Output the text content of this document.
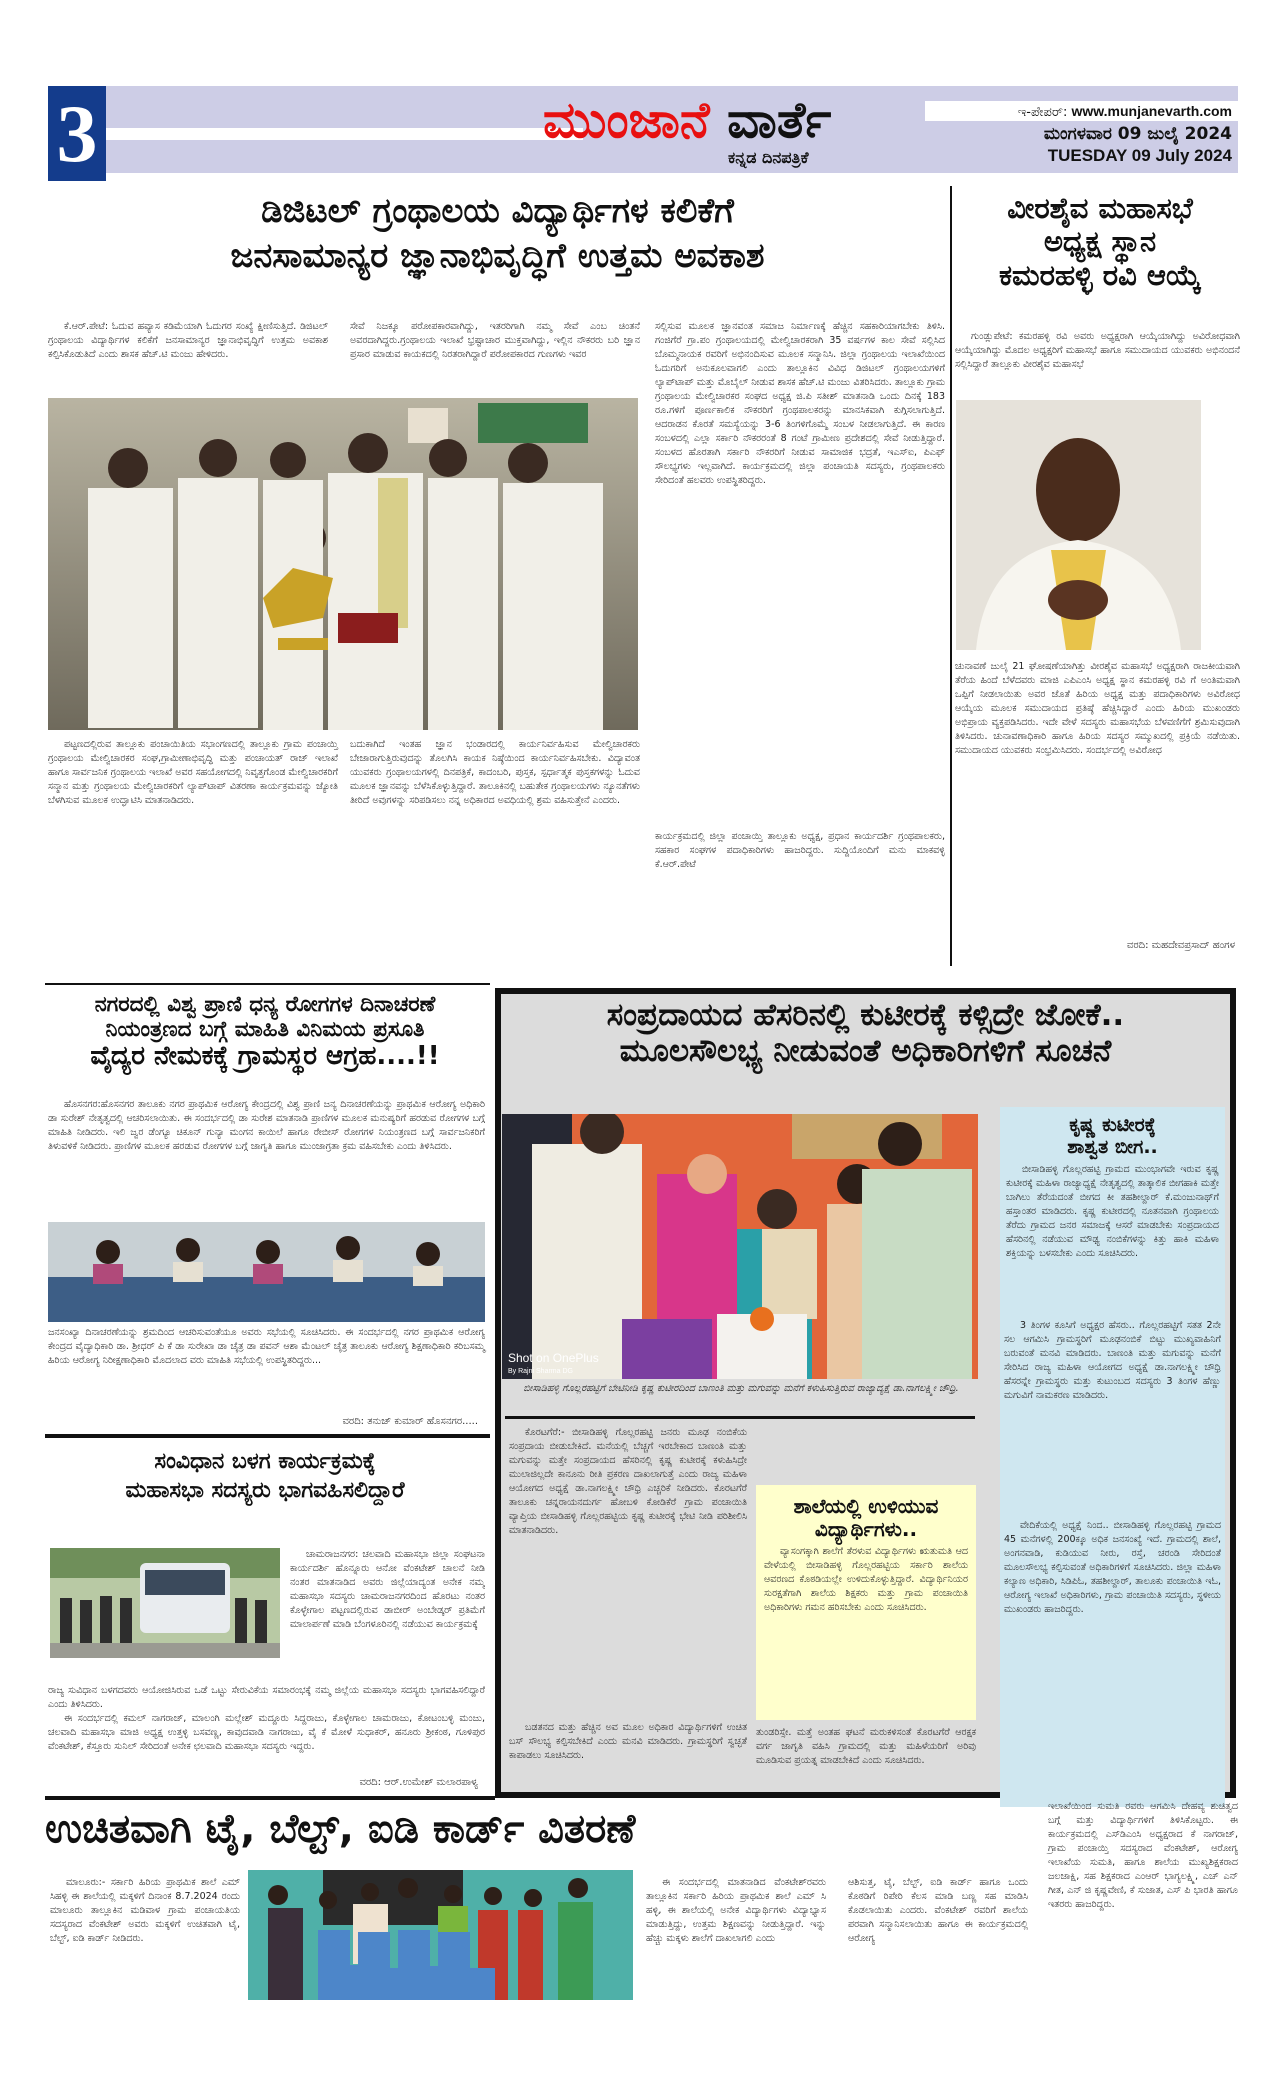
3	ಮುಂಜಾನೆ ವಾರ್ತೆ
ಕನ್ನಡ ದಿನಪತ್ರಿಕೆ
ಇ-ಪೇಪರ್: www.munjanevarth.com
ಮಂಗಳವಾರ 09 ಜುಲೈ 2024
TUESDAY 09 July 2024
ಡಿಜಿಟಲ್ ಗ್ರಂಥಾಲಯ ವಿದ್ಯಾರ್ಥಿಗಳ ಕಲಿಕೆಗೆ
ಜನಸಾಮಾನ್ಯರ ಜ್ಞಾನಾಭಿವೃದ್ಧಿಗೆ ಉತ್ತಮ ಅವಕಾಶ
ಕೆ.ಆರ್.ಪೇಟೆ: ಓದುವ ಹವ್ಯಾಸ ಕಡಿಮೆಯಾಗಿ ಓದುಗರ ಸಂಖ್ಯೆ ಕ್ಷೀಣಿಸುತ್ತಿದೆ. ಡಿಜಿಟಲ್ ಗ್ರಂಥಾಲಯ ವಿದ್ಯಾರ್ಥಿಗಳ ಕಲಿಕೆಗೆ ಜನಸಾಮಾನ್ಯರ ಜ್ಞಾನಾಭಿವೃದ್ಧಿಗೆ ಉತ್ತಮ ಅವಕಾಶ ಕಲ್ಪಿಸಿಕೊಡುತಿದೆ ಎಂದು ಶಾಸಕ ಹೆಚ್.ಟಿ ಮಂಜು ಹೇಳಿದರು.
ಸೇವೆ ನಿಜಕ್ಕೂ ಪರೋಪಕಾರವಾಗಿದ್ದು, ಇತರರಿಗಾಗಿ ನಮ್ಮ ಸೇವೆ ಎಂಬ ಚಿಂತನೆ ಅವರದಾಗಿದ್ದರು.ಗ್ರಂಥಾಲಯ ಇಲಾಖೆ ಭ್ರಷ್ಟಾಚಾರ ಮುಕ್ತವಾಗಿದ್ದು, ಇಲ್ಲಿನ ನೌಕರರು ಬರಿ ಜ್ಞಾನ ಪ್ರಸಾರ ಮಾಡುವ ಕಾಯಕದಲ್ಲಿ ನಿರತರಾಗಿದ್ದಾರೆ ಪರೋಪಕಾರದ ಗುಣಗಳು ಇವರ
ಸಲ್ಲಿಸುವ ಮೂಲಕ ಜ್ಞಾನವಂತ ಸಮಾಜ ನಿರ್ಮಾಣಕ್ಕೆ ಹೆಚ್ಚಿನ ಸಹಕಾರಿಯಾಗಬೇಕು ತಿಳಿಸಿ. ಗಂಜಿಗೆರೆ ಗ್ರಾ.ಪಂ ಗ್ರಂಥಾಲಯದಲ್ಲಿ ಮೇಲ್ವಿಚಾರಕರಾಗಿ 35 ವರ್ಷಗಳ ಕಾಲ ಸೇವೆ ಸಲ್ಲಿಸಿದ ಬೊಮ್ಮನಾಯಕ ರವರಿಗೆ ಅಭಿನಂದಿಸುವ ಮೂಲಕ ಸನ್ಮಾನಿಸಿ. ಜಿಲ್ಲಾ ಗ್ರಂಥಾಲಯ ಇಲಾಖೆಯಿಂದ ಓದುಗರಿಗೆ ಅನುಕೂಲವಾಗಲಿ ಎಂದು ತಾಲ್ಲೂಕಿನ ವಿವಿಧ ಡಿಜಿಟಲ್ ಗ್ರಂಥಾಲಯಗಳಿಗೆ ಲ್ಯಾಪ್‌ಟಾಪ್ ಮತ್ತು ಮೊಬೈಲ್ ನೀಡುವ ಶಾಸಕ ಹೆಚ್.ಟಿ ಮಂಜು ವಿತರಿಸಿದರು. ತಾಲ್ಲೂಕು ಗ್ರಾಮ ಗ್ರಂಥಾಲಯ ಮೇಲ್ವಿಚಾರಕರ ಸಂಘದ ಅಧ್ಯಕ್ಷ ಜಿ.ಪಿ ಸತೀಶ್ ಮಾತನಾಡಿ ಒಂದು ದಿನಕ್ಕೆ 183 ರೂ.ಗಳಿಗೆ ಪೂರ್ಣಕಾಲಿಕ ನೌಕರರಿಗೆ ಗ್ರಂಥಪಾಲಕರನ್ನು ಮಾನಸಿಕವಾಗಿ ಕುಗ್ಗಿಸಲಾಗುತ್ತಿದೆ. ಆದರಾಡನ ಕೊರತೆ ಸಮಸ್ಯೆಯನ್ನು 3-6 ತಿಂಗಳಿಗೊಮ್ಮೆ ಸಂಬಳ ನೀಡಲಾಗುತ್ತಿದೆ. ಈ ಕಾರಣ ಸಂಬಳದಲ್ಲಿ ಎಲ್ಲಾ ಸರ್ಕಾರಿ ನೌಕರರಂತೆ 8 ಗಂಟೆ ಗ್ರಾಮೀಣ ಪ್ರದೇಶದಲ್ಲಿ ಸೇವೆ ನೀಡುತ್ತಿದ್ದಾರೆ. ಸಂಬಳದ ಹೊರತಾಗಿ ಸರ್ಕಾರಿ ನೌಕರರಿಗೆ ನೀಡುವ ಸಾಮಾಜಿಕ ಭದ್ರತೆ, ಇಎಸ್‌ಐ, ಪಿಎಫ್ ಸೌಲಭ್ಯಗಳು ಇಲ್ಲವಾಗಿದೆ. ಕಾರ್ಯಕ್ರಮದಲ್ಲಿ ಜಿಲ್ಲಾ ಪಂಚಾಯತಿ ಸದಸ್ಯರು, ಗ್ರಂಥಪಾಲಕರು ಸೇರಿದಂತೆ ಹಲವರು ಉಪಸ್ಥಿತರಿದ್ದರು.
ಪಟ್ಟಣದಲ್ಲಿರುವ ತಾಲ್ಲೂಕು ಪಂಚಾಯಿತಿಯ ಸಭಾಂಗಣದಲ್ಲಿ ತಾಲ್ಲೂಕು ಗ್ರಾಮ ಪಂಚಾಯ್ತಿ ಗ್ರಂಥಾಲಯ ಮೇಲ್ವಿಚಾರಕರ ಸಂಘ,ಗ್ರಾಮೀಣಾಭಿವೃದ್ಧಿ ಮತ್ತು ಪಂಚಾಯತ್ ರಾಜ್ ಇಲಾಖೆ ಹಾಗೂ ಸಾರ್ವಜನಿಕ ಗ್ರಂಥಾಲಯ ಇಲಾಖೆ ಅವರ ಸಹಯೋಗದಲ್ಲಿ ನಿವೃತ್ತಗೊಂಡ ಮೇಲ್ವಿಚಾರಕರಿಗೆ ಸನ್ಮಾನ ಮತ್ತು ಗ್ರಂಥಾಲಯ ಮೇಲ್ವಿಚಾರಕರಿಗೆ ಲ್ಯಾಪ್‌ಟಾಪ್ ವಿತರಣಾ ಕಾರ್ಯಕ್ರಮವನ್ನು ಜ್ಯೋತಿ ಬೆಳಗಿಸುವ ಮೂಲಕ ಉದ್ಘಾಟಿಸಿ ಮಾತನಾಡಿದರು.
ಬದುಕಾಗಿದೆ ಇಂತಹ ಜ್ಞಾನ ಭಂಡಾರದಲ್ಲಿ ಕಾರ್ಯನಿರ್ವಹಿಸುವ ಮೇಲ್ವಿಚಾರಕರು ಬೇಜಾರಾಗುತ್ತಿರುವುದನ್ನು ತೊಲಗಿಸಿ ಕಾಯಕ ನಿಷ್ಠೆಯಿಂದ ಕಾರ್ಯನಿರ್ವಹಿಸಬೇಕು. ವಿದ್ಯಾವಂತ ಯುವಕರು ಗ್ರಂಥಾಲಯಗಳಲ್ಲಿ ದಿನಪತ್ರಿಕೆ, ಕಾದಂಬರಿ, ಪುಸ್ತಕ, ಸ್ಪರ್ಧಾತ್ಮಕ ಪುಸ್ತಕಗಳನ್ನು ಓದುವ ಮೂಲಕ ಜ್ಞಾನವನ್ನು ಬೆಳೆಸಿಕೊಳ್ಳುತ್ತಿದ್ದಾರೆ. ತಾಲೂಕಿನಲ್ಲಿ ಬಹುತೇಕ ಗ್ರಂಥಾಲಯಗಳು ನ್ಯೂನತೆಗಳು ತೀರಿದೆ ಅವುಗಳನ್ನು ಸರಿಪಡಿಸಲು ನನ್ನ ಅಧಿಕಾರದ ಅವಧಿಯಲ್ಲಿ ಶ್ರಮ ವಹಿಸುತ್ತೇನೆ ಎಂದರು.
ಕಾರ್ಯಕ್ರಮದಲ್ಲಿ ಜಿಲ್ಲಾ ಪಂಚಾಯ್ತಿ ತಾಲ್ಲೂಕು ಅಧ್ಯಕ್ಷ, ಪ್ರಧಾನ ಕಾರ್ಯದರ್ಶಿ ಗ್ರಂಥಪಾಲಕರು, ಸಹಕಾರ ಸಂಘಗಳ ಪದಾಧಿಕಾರಿಗಳು ಹಾಜರಿದ್ದರು. ಸುದ್ದಿಯೊಂದಿಗೆ ಮನು ಮಾಕವಳ್ಳಿ ಕೆ.ಆರ್.ಪೇಟೆ
ವೀರಶೈವ ಮಹಾಸಭೆ
ಅಧ್ಯಕ್ಷ ಸ್ಥಾನ
ಕಮರಹಳ್ಳಿ ರವಿ ಆಯ್ಕೆ
ಗುಂಡ್ಲುಪೇಟೆ: ಕಮರಹಳ್ಳಿ ರವಿ ಅವರು ಅಧ್ಯಕ್ಷರಾಗಿ ಆಯ್ಕೆಯಾಗಿದ್ದು ಅವಿರೋಧವಾಗಿ ಆಯ್ಕೆಯಾಗಿದ್ದು ಮೊದಲ ಅಧ್ಯಕ್ಷರಿಗೆ ಮಹಾಸಭೆ ಹಾಗೂ ಸಮುದಾಯದ ಯುವಕರು ಅಭಿನಂದನೆ ಸಲ್ಲಿಸಿದ್ದಾರೆ ತಾಲ್ಲೂಕು ವೀರಶೈವ ಮಹಾಸಭೆ
ಚುನಾವಣೆ ಜುಲೈ 21 ಘೋಷಣೆಯಾಗಿತ್ತು ವೀರಶೈವ ಮಹಾಸಭೆ ಅಧ್ಯಕ್ಷರಾಗಿ ರಾಜಕೀಯವಾಗಿ ತೆರೆಯ ಹಿಂದೆ ಬೆಳೆದವರು ಮಾಜಿ ಎಪಿಎಂಸಿ ಅಧ್ಯಕ್ಷ ಸ್ಥಾನ ಕಮರಹಳ್ಳಿ ರವಿ ಗೆ ಅಂತಿಮವಾಗಿ ಒಪ್ಪಿಗೆ ನೀಡಲಾಯಿತು ಅವರ ಜೊತೆ ಹಿರಿಯ ಅಧ್ಯಕ್ಷ ಮತ್ತು ಪದಾಧಿಕಾರಿಗಳು ಅವಿರೋಧ ಆಯ್ಕೆಯ ಮೂಲಕ ಸಮುದಾಯದ ಪ್ರತಿಷ್ಠೆ ಹೆಚ್ಚಿಸಿದ್ದಾರೆ ಎಂದು ಹಿರಿಯ ಮುಖಂಡರು ಅಭಿಪ್ರಾಯ ವ್ಯಕ್ತಪಡಿಸಿದರು. ಇದೇ ವೇಳೆ ಸದಸ್ಯರು ಮಹಾಸಭೆಯ ಬೆಳವಣಿಗೆಗೆ ಶ್ರಮಿಸುವುದಾಗಿ ತಿಳಿಸಿದರು. ಚುನಾವಣಾಧಿಕಾರಿ ಹಾಗೂ ಹಿರಿಯ ಸದಸ್ಯರ ಸಮ್ಮುಖದಲ್ಲಿ ಪ್ರಕ್ರಿಯೆ ನಡೆಯಿತು. ಸಮುದಾಯದ ಯುವಕರು ಸಂಭ್ರಮಿಸಿದರು. ಸಂದರ್ಭದಲ್ಲಿ ಅವಿರೋಧ
ವರದಿ: ಮಹದೇವಪ್ರಸಾದ್ ಹಂಗಳ
ನಗರದಲ್ಲಿ ವಿಶ್ವ ಪ್ರಾಣಿ ಧನ್ಯ ರೋಗಗಳ ದಿನಾಚರಣೆ
ನಿಯಂತ್ರಣದ ಬಗ್ಗೆ ಮಾಹಿತಿ ವಿನಿಮಯ ಪ್ರಸೂತಿ
ವೈದ್ಯರ ನೇಮಕಕ್ಕೆ ಗ್ರಾಮಸ್ಥರ ಆಗ್ರಹ....!!
ಹೊಸನಗರ:ಹೊಸನಗರ ತಾಲೂಕು ನಗರ ಪ್ರಾಥಮಿಕ ಆರೋಗ್ಯ ಕೇಂದ್ರದಲ್ಲಿ ವಿಶ್ವ ಪ್ರಾಣಿ ಜನ್ಯ ದಿನಾಚರಣೆಯನ್ನು ಪ್ರಾಥಮಿಕ ಆರೋಗ್ಯ ಅಧಿಕಾರಿ ಡಾ ಸುರೇಶ್ ನೇತೃತ್ವದಲ್ಲಿ ಆಚರಿಸಲಾಯಿತು. ಈ ಸಂದರ್ಭದಲ್ಲಿ ಡಾ ಸುರೇಶ ಮಾತನಾಡಿ ಪ್ರಾಣಿಗಳ ಮೂಲಕ ಮನುಷ್ಯರಿಗೆ ಹರಡುವ ರೋಗಗಳ ಬಗ್ಗೆ ಮಾಹಿತಿ ನೀಡಿದರು. ಇಲಿ ಜ್ವರ ಡೆಂಗ್ಯೂ ಚಿಕೂನ್ ಗುನ್ಯಾ ಮಂಗನ ಕಾಯಿಲೆ ಹಾಗೂ ರೇಬೀಸ್ ರೋಗಗಳ ನಿಯಂತ್ರಣದ ಬಗ್ಗೆ ಸಾರ್ವಜನಿಕರಿಗೆ ತಿಳುವಳಿಕೆ ನೀಡಿದರು. ಪ್ರಾಣಿಗಳ ಮೂಲಕ ಹರಡುವ ರೋಗಗಳ ಬಗ್ಗೆ ಜಾಗೃತಿ ಹಾಗೂ ಮುಂಜಾಗ್ರತಾ ಕ್ರಮ ವಹಿಸಬೇಕು ಎಂದು ತಿಳಿಸಿದರು.
ಜನಸಂಖ್ಯಾ ದಿನಾಚರಣೆಯನ್ನು ಶ್ರಮದಿಂದ ಆಚರಿಸುವಂತೆಯೂ ಅವರು ಸಭೆಯಲ್ಲಿ ಸೂಚಿಸಿದರು. ಈ ಸಂದರ್ಭದಲ್ಲಿ ನಗರ ಪ್ರಾಥಮಿಕ ಆರೋಗ್ಯ ಕೇಂದ್ರದ ವೈದ್ಯಾಧಿಕಾರಿ ಡಾ. ಶ್ರೀಧರ್ ಪಿ ಕೆ ಡಾ ಸುರೇಖಾ ಡಾ ಚೈತ್ರ ಡಾ ಪವನ್ ಆಶಾ ಮೆಂಟಲ್ ಚೈತ್ರ ತಾಲೂಕು ಆರೋಗ್ಯ ಶಿಕ್ಷಣಾಧಿಕಾರಿ ಕರಿಬಸಮ್ಮ ಹಿರಿಯ ಆರೋಗ್ಯ ನಿರೀಕ್ಷಣಾಧಿಕಾರಿ ಮೊದಲಾದ ವರು ಮಾಹಿತಿ ಸಭೆಯಲ್ಲಿ ಉಪಸ್ಥಿತರಿದ್ದರು...
ವರದಿ: ತನುಜ್ ಕುಮಾರ್ ಹೊಸನಗರ.....
ಸಂವಿಧಾನ ಬಳಗ ಕಾರ್ಯಕ್ರಮಕ್ಕೆ
ಮಹಾಸಭಾ ಸದಸ್ಯರು ಭಾಗವಹಿಸಲಿದ್ದಾರೆ
ಚಾಮರಾಜನಗರ: ಚಲವಾದಿ ಮಹಾಸಭಾ ಜಿಲ್ಲಾ ಸಂಘಟನಾ ಕಾರ್ಯದರ್ಶಿ ಹೊನ್ನೂರು ಆನೋ ವೆಂಕಟೇಶ್ ಚಾಲನೆ ನೀಡಿ ನಂತರ ಮಾತನಾಡಿದ ಅವರು ಜಿಲ್ಲೆಯಾದ್ಯಂತ ಅನೇಕ ನಮ್ಮ ಮಹಾಸಭಾ ಸದಸ್ಯರು ಚಾಮರಾಜನಗರದಿಂದ ಹೊರಟು ನಂತರ ಕೊಳ್ಳೇಗಾಲ ಪಟ್ಟಣದಲ್ಲಿರುವ ಡಾಬೀರ್ ಅಂಬೇಡ್ಕರ್ ಪ್ರತಿಮೆಗೆ ಮಾಲಾರ್ಪಣೆ ಮಾಡಿ ಬೆಂಗಳೂರಿನಲ್ಲಿ ನಡೆಯುವ ಕಾರ್ಯಕ್ರಮಕ್ಕೆ
ರಾಜ್ಯ ಸುವಿಧಾನ ಬಳಗದವರು ಆಯೋಜಿಸಿರುವ ಒಡೆ ಒಟ್ಟು ಸೇರುವಿಕೆಯ ಸಮಾರಂಭಕ್ಕೆ ನಮ್ಮ ಜಿಲ್ಲೆಯ ಮಹಾಸಭಾ ಸದಸ್ಯರು ಭಾಗವಹಿಸಲಿದ್ದಾರೆ ಎಂದು ತಿಳಿಸಿದರು.
ಈ ಸಂದರ್ಭದಲ್ಲಿ ಕಮಲ್ ನಾಗರಾಜ್, ಮಾಲಂಗಿ ಮಲ್ಲೇಶ್ ಮದ್ದೂರು ಸಿದ್ದರಾಜು, ಕೊಳ್ಳೇಗಾಲ ಚಾಮರಾಜು, ಕೋಟಂಬಳ್ಳಿ ಮಂಜು, ಚಲವಾದಿ ಮಹಾಸಭಾ ಮಾಜಿ ಅಧ್ಯಕ್ಷ ಉತ್ತಳ್ಳಿ ಬಸವಣ್ಣ, ಕಾವುದವಾಡಿ ನಾಗರಾಜು, ವೈ ಕೆ ಮೋಳೆ ಸುಧಾಕರ್, ಹನೂರು ಶ್ರೀಕಂಠ, ಗೂಳಿಪುರ ವೆಂಕಟೇಶ್, ಕೆಸ್ತೂರು ಸುನಿಲ್ ಸೇರಿದಂತೆ ಅನೇಕ ಛಲವಾದಿ ಮಹಾಸಭಾ ಸದಸ್ಯರು ಇದ್ದರು.
ವರದಿ: ಆರ್.ಉಮೇಶ್ ಮಲಾರಪಾಳ್ಯ
ಸಂಪ್ರದಾಯದ ಹೆಸರಿನಲ್ಲಿ ಕುಟೀರಕ್ಕೆ ಕಳ್ಸಿದ್ರೇ ಜೋಕೆ..
ಮೂಲಸೌಲಭ್ಯ ನೀಡುವಂತೆ ಅಧಿಕಾರಿಗಳಿಗೆ ಸೂಚನೆ
Shot on OnePlus
By Rajni Sharma DG
ಬೀಸಾಡಿಹಳ್ಳಿ ಗೊಲ್ಲರಹಟ್ಟಿಗೆ ಬೇಟಿನೀಡಿ ಕೃಷ್ಣ ಕುಟೀರದಿಂದ ಬಾಣಂತಿ ಮತ್ತು ಮಗುವನ್ನು ಮನೆಗೆ ಕಳುಹಿಸುತ್ತಿರುವ ರಾಜ್ಯಾದ್ಯಕ್ಷೆ ಡಾ.ನಾಗಲಕ್ಷ್ಮೀ ಚೌಧ್ರಿ.
ಕೊರಟಗೆರೆ:- ಬೀಸಾಡಿಹಳ್ಳಿ ಗೊಲ್ಲರಹಟ್ಟಿ ಜನರು ಮೂಢ ನಂಬಿಕೆಯ ಸಂಪ್ರದಾಯ ಬೀಡುಬೇಕಿದೆ. ಮನೆಯಲ್ಲಿ ಬೆಚ್ಚಗೆ ಇರಬೇಕಾದ ಬಾಣಂತಿ ಮತ್ತು ಮಗುವನ್ನು ಮತ್ತೇ ಸಂಪ್ರದಾಯದ ಹೆಸರಿನಲ್ಲಿ ಕೃಷ್ಣ ಕುಟೀರಕ್ಕೆ ಕಳುಹಿಸಿದ್ರೇ ಮುಲಾಜಿಲ್ಲದೇ ಕಾನೂನು ರೀತಿ ಪ್ರಕರಣ ದಾಖಲಾಗುತ್ತೆ ಎಂದು ರಾಜ್ಯ ಮಹಿಳಾ ಆಯೋಗದ ಅಧ್ಯಕ್ಷೆ ಡಾ.ನಾಗಲಕ್ಷ್ಮೀ ಚೌಧ್ರಿ ಎಚ್ಚರಿಕೆ ನೀಡಿದರು. ಕೊರಟಗೆರೆ ತಾಲೂಕು ಚನ್ನರಾಯನದುರ್ಗ ಹೋಬಳಿ ಕೋಡಿಕೆರೆ ಗ್ರಾಮ ಪಂಚಾಯಿತಿ ವ್ಯಾಪ್ತಿಯ ಬೀಸಾಡಿಹಳ್ಳಿ ಗೊಲ್ಲರಹಟ್ಟಿಯ ಕೃಷ್ಣ ಕುಟೀರಕ್ಕೆ ಭೇಟಿ ನೀಡಿ ಪರಿಶೀಲಿಸಿ ಮಾತನಾಡಿದರು.
ಬಡತನದ ಮತ್ತು ಹೆಚ್ಚಿನ ಅವ ಮೂಲ ಅಧಿಕಾರ ವಿದ್ಯಾರ್ಥಿಗಳಿಗೆ ಉಚಿತ ಬಸ್ ಸೌಲಭ್ಯ ಕಲ್ಪಿಸಬೇಕಿದೆ ಎಂದು ಮನವಿ ಮಾಡಿದರು. ಗ್ರಾಮಸ್ಥರಿಗೆ ಸ್ವಚ್ಛತೆ ಕಾಪಾಡಲು ಸೂಚಿಸಿದರು.
ಶಾಲೆಯಲ್ಲಿ ಉಳಿಯುವ
ವಿದ್ಯಾರ್ಥಿಗಳು..
ವ್ಯಾಸಂಗಕ್ಕಾಗಿ ಶಾಲೆಗೆ ತೆರಳುವ ವಿದ್ಯಾರ್ಥಿಗಳು ಋತುಮತಿ ಆದ ವೇಳೆಯಲ್ಲಿ ಬೀಸಾಡಿಹಳ್ಳಿ ಗೊಲ್ಲರಹಟ್ಟಿಯ ಸರ್ಕಾರಿ ಶಾಲೆಯ ಆವರಣದ ಕೊಠಡಿಯಲ್ಲೇ ಉಳಿದುಕೊಳ್ಳುತ್ತಿದ್ದಾರೆ. ವಿದ್ಯಾರ್ಥಿನಿಯರ ಸುರಕ್ಷತೆಗಾಗಿ ಶಾಲೆಯ ಶಿಕ್ಷಕರು ಮತ್ತು ಗ್ರಾಮ ಪಂಚಾಯಿತಿ ಅಧಿಕಾರಿಗಳು ಗಮನ ಹರಿಸಬೇಕು ಎಂದು ಸೂಚಿಸಿದರು.
ತುಂಡರಿಸ್ಸೇ. ಮತ್ತೆ ಅಂತಹ ಘಟನೆ ಮರುಕಳಿಸಂತೆ ಕೊರಟಗೆರೆ ಆರಕ್ಷಕ ವರ್ಗ ಜಾಗೃತಿ ವಹಿಸಿ ಗ್ರಾಮದಲ್ಲಿ ಮತ್ತು ಮಹಿಳೆಯರಿಗೆ ಅರಿವು ಮೂಡಿಸುವ ಪ್ರಯತ್ನ ಮಾಡಬೇಕಿದೆ ಎಂದು ಸೂಚಿಸಿದರು.
ಕೃಷ್ಣ ಕುಟೀರಕ್ಕೆ
ಶಾಶ್ವತ ಬೀಗ..
ಬೀಸಾಡಿಹಳ್ಳಿ ಗೊಲ್ಲರಹಟ್ಟಿ ಗ್ರಾಮದ ಮುಂಭಾಗವೇ ಇರುವ ಕೃಷ್ಣ ಕುಟೀರಕ್ಕೆ ಮಹಿಳಾ ರಾಜ್ಯಾಧ್ಯಕ್ಷೆ ನೇತೃತ್ವದಲ್ಲಿ ತಾತ್ಕಾಲಿಕ ಬೀಗಹಾಕಿ ಮತ್ತೇ ಬಾಗಿಲು ತೆರೆಯದಂತೆ ಬೀಗದ ಕೀ ತಹಶೀಲ್ದಾರ್ ಕೆ.ಮಂಜುನಾಥ್‌ಗೆ ಹಸ್ತಾಂತರ ಮಾಡಿದರು. ಕೃಷ್ಣ ಕುಟೀರದಲ್ಲಿ ನೂತನವಾಗಿ ಗ್ರಂಥಾಲಯ ತೆರೆದು ಗ್ರಾಮದ ಜನರ ಸಮಾಜಕ್ಕೆ ಆಸರೆ ಮಾಡಬೇಕು ಸಂಪ್ರದಾಯದ ಹೆಸರಿನಲ್ಲಿ ನಡೆಯುವ ಮೌಢ್ಯ ನಂಬಿಕೆಗಳನ್ನು ಕಿತ್ತು ಹಾಕಿ ಮಹಿಳಾ ಶಕ್ತಿಯನ್ನು ಬಳಸಬೇಕು ಎಂದು ಸೂಚಿಸಿದರು.
3 ತಿಂಗಳ ಕೂಸಿಗೆ ಅಧ್ಯಕ್ಷರ ಹೆಸರು.. ಗೊಲ್ಲರಹಟ್ಟಿಗೆ ಸತತ 2ನೇ ಸಲ ಆಗಮಿಸಿ ಗ್ರಾಮಸ್ಥರಿಗೆ ಮೂಢನಂಬಿಕೆ ಬಿಟ್ಟು ಮುಖ್ಯವಾಹಿನಿಗೆ ಬರುವಂತೆ ಮನವಿ ಮಾಡಿದರು. ಬಾಣಂತಿ ಮತ್ತು ಮಗುವನ್ನು ಮನೆಗೆ ಸೇರಿಸಿದ ರಾಜ್ಯ ಮಹಿಳಾ ಆಯೋಗದ ಅಧ್ಯಕ್ಷೆ ಡಾ.ನಾಗಲಕ್ಷ್ಮೀ ಚೌಧ್ರಿ ಹೆಸರನ್ನೇ ಗ್ರಾಮಸ್ಥರು ಮತ್ತು ಕುಟುಂಬದ ಸದಸ್ಯರು 3 ತಿಂಗಳ ಹೆಣ್ಣು ಮಗುವಿಗೆ ನಾಮಕರಣ ಮಾಡಿದರು.
ವೇದಿಕೆಯಲ್ಲಿ ಅಧ್ಯಕ್ಷೆ ನಿಂದ.. ಬೀಸಾಡಿಹಳ್ಳಿ ಗೊಲ್ಲರಹಟ್ಟಿ ಗ್ರಾಮದ 45 ಮನೆಗಳಲ್ಲಿ 200ಕ್ಕೂ ಅಧಿಕ ಜನಸಂಖ್ಯೆ ಇದೆ. ಗ್ರಾಮದಲ್ಲಿ ಶಾಲೆ, ಅಂಗನವಾಡಿ, ಕುಡಿಯುವ ನೀರು, ರಸ್ತೆ, ಚರಂಡಿ ಸೇರಿದಂತೆ ಮೂಲಸೌಲಭ್ಯ ಕಲ್ಪಿಸುವಂತೆ ಅಧಿಕಾರಿಗಳಿಗೆ ಸೂಚಿಸಿದರು. ಜಿಲ್ಲಾ ಮಹಿಳಾ ಕಲ್ಯಾಣ ಅಧಿಕಾರಿ, ಸಿಡಿಪಿಓ, ತಹಶೀಲ್ದಾರ್, ತಾಲೂಕು ಪಂಚಾಯಿತಿ ಇಓ, ಆರೋಗ್ಯ ಇಲಾಖೆ ಅಧಿಕಾರಿಗಳು, ಗ್ರಾಮ ಪಂಚಾಯಿತಿ ಸದಸ್ಯರು, ಸ್ಥಳೀಯ ಮುಖಂಡರು ಹಾಜರಿದ್ದರು.
ಉಚಿತವಾಗಿ ಟೈ, ಬೆಲ್ಟ್, ಐಡಿ ಕಾರ್ಡ್ ವಿತರಣೆ
ಮಾಲೂರು:- ಸರ್ಕಾರಿ ಹಿರಿಯ ಪ್ರಾಥಮಿಕ ಶಾಲೆ ಎಮ್ ಸಿಹಳ್ಳಿ ಈ ಶಾಲೆಯಲ್ಲಿ ಮಕ್ಕಳಿಗೆ ದಿನಾಂಕ 8.7.2024 ರಂದು ಮಾಲೂರು ತಾಲ್ಲೂಕಿನ ಮಡಿವಾಳ ಗ್ರಾಮ ಪಂಚಾಯತಿಯ ಸದಸ್ಯರಾದ ವೆಂಕಟೇಶ್ ಅವರು ಮಕ್ಕಳಿಗೆ ಉಚಿತವಾಗಿ ಟೈ, ಬೆಲ್ಟ್, ಐಡಿ ಕಾರ್ಡ್ ನೀಡಿದರು.
ಈ ಸಂದರ್ಭದಲ್ಲಿ ಮಾತನಾಡಿದ ವೆಂಕಟೇಶ್‌ರವರು ತಾಲ್ಲೂಕಿನ ಸರ್ಕಾರಿ ಹಿರಿಯ ಪ್ರಾಥಮಿಕ ಶಾಲೆ ಎಮ್ ಸಿ ಹಳ್ಳಿ, ಈ ಶಾಲೆಯಲ್ಲಿ ಅನೇಕ ವಿದ್ಯಾರ್ಥಿಗಳು ವಿದ್ಯಾಭ್ಯಾಸ ಮಾಡುತ್ತಿದ್ದು, ಉತ್ತಮ ಶಿಕ್ಷಣವನ್ನು ನೀಡುತ್ತಿದ್ದಾರೆ. ಇನ್ನು ಹೆಚ್ಚು ಮಕ್ಕಳು ಶಾಲೆಗೆ ದಾಖಲಾಗಲಿ ಎಂದು
ಆಶಿಸುತ್ತ, ಟೈ, ಬೆಲ್ಟ್, ಐಡಿ ಕಾರ್ಡ್ ಹಾಗೂ ಒಂದು ಕೊಠಡಿಗೆ ರಿಪೇರಿ ಕೆಲಸ ಮಾಡಿ ಬಣ್ಣ ಸಹ ಮಾಡಿಸಿ ಕೊಡಲಾಯಿತು ಎಂದರು. ವೆಂಕಟೇಶ್ ರವರಿಗೆ ಶಾಲೆಯ ಪರವಾಗಿ ಸನ್ಮಾನಿಸಲಾಯಿತು ಹಾಗೂ ಈ ಕಾರ್ಯಕ್ರಮದಲ್ಲಿ ಆರೋಗ್ಯ
ಇಲಾಖೆಯಿಂದ ಸುಮತಿ ರವರು ಆಗಮಿಸಿ ದೇಹವ್ಯ ಶುಚಿತ್ವದ ಬಗ್ಗೆ ಮತ್ತು ವಿದ್ಯಾರ್ಥಿಗಳಿಗೆ ತಿಳಿಸಿಕೊಟ್ಟರು. ಈ ಕಾರ್ಯಕ್ರಮದಲ್ಲಿ ಎಸ್‌ಡಿಎಂಸಿ ಅಧ್ಯಕ್ಷರಾದ ಕೆ ನಾಗರಾಜ್, ಗ್ರಾಮ ಪಂಚಾಯ್ತಿ ಸದಸ್ಯರಾದ ವೆಂಕಟೇಶ್, ಆರೋಗ್ಯ ಇಲಾಖೆಯ ಸುಮತಿ, ಹಾಗೂ ಶಾಲೆಯ ಮುಖ್ಯಶಿಕ್ಷಕರಾದ ಜಲಜಾಕ್ಷಿ, ಸಹ ಶಿಕ್ಷಕರಾದ ಎಂಆರ್ ಭಾಗ್ಯಲಕ್ಷ್ಮಿ, ಎಚ್ ಎನ್ ಗೀತ, ಎನ್ ಜಿ ಕೃಷ್ಣವೇಣಿ, ಕೆ ಸುಜಾತ, ಎಸ್ ಪಿ ಭಾರತಿ ಹಾಗೂ ಇತರರು ಹಾಜರಿದ್ದರು.
